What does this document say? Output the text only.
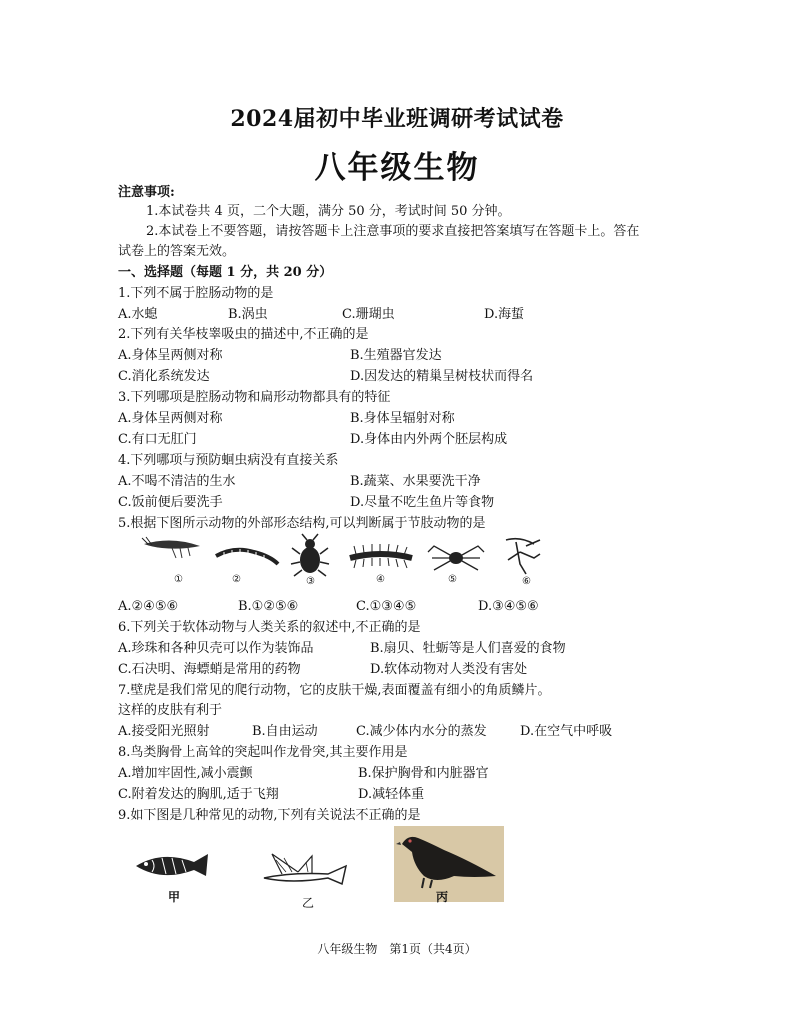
2024届初中毕业班调研考试试卷
八年级生物
注意事项:
1.本试卷共 4 页，二个大题，满分 50 分，考试时间 50 分钟。
2.本试卷上不要答题，请按答题卡上注意事项的要求直接把答案填写在答题卡上。答在
试卷上的答案无效。
一、选择题（每题 1 分，共 20 分）
1.下列不属于腔肠动物的是
A.水螅	B.涡虫	C.珊瑚虫	D.海蜇
2.下列有关华枝睾吸虫的描述中,不正确的是
A.身体呈两侧对称	B.生殖器官发达
C.消化系统发达	D.因发达的精巢呈树枝状而得名
3.下列哪项是腔肠动物和扁形动物都具有的特征
A.身体呈两侧对称	B.身体呈辐射对称
C.有口无肛门	D.身体由内外两个胚层构成
4.下列哪项与预防蛔虫病没有直接关系
A.不喝不清洁的生水	B.蔬菜、水果要洗干净
C.饭前便后要洗手	D.尽量不吃生鱼片等食物
5.根据下图所示动物的外部形态结构,可以判断属于节肢动物的是
①	②	③	④	⑤	⑥
A.②④⑤⑥	B.①②⑤⑥	C.①③④⑤	D.③④⑤⑥
6.下列关于软体动物与人类关系的叙述中,不正确的是
A.珍珠和各种贝壳可以作为装饰品	B.扇贝、牡蛎等是人们喜爱的食物
C.石决明、海螵蛸是常用的药物	D.软体动物对人类没有害处
7.壁虎是我们常见的爬行动物，它的皮肤干燥,表面覆盖有细小的角质鳞片。
这样的皮肤有利于
A.接受阳光照射	B.自由运动	C.减少体内水分的蒸发	D.在空气中呼吸
8.鸟类胸骨上高耸的突起叫作龙骨突,其主要作用是
A.增加牢固性,减小震颤	B.保护胸骨和内脏器官
C.附着发达的胸肌,适于飞翔	D.减轻体重
9.如下图是几种常见的动物,下列有关说法不正确的是
甲	乙	丙
八年级生物　第1页（共4页）
